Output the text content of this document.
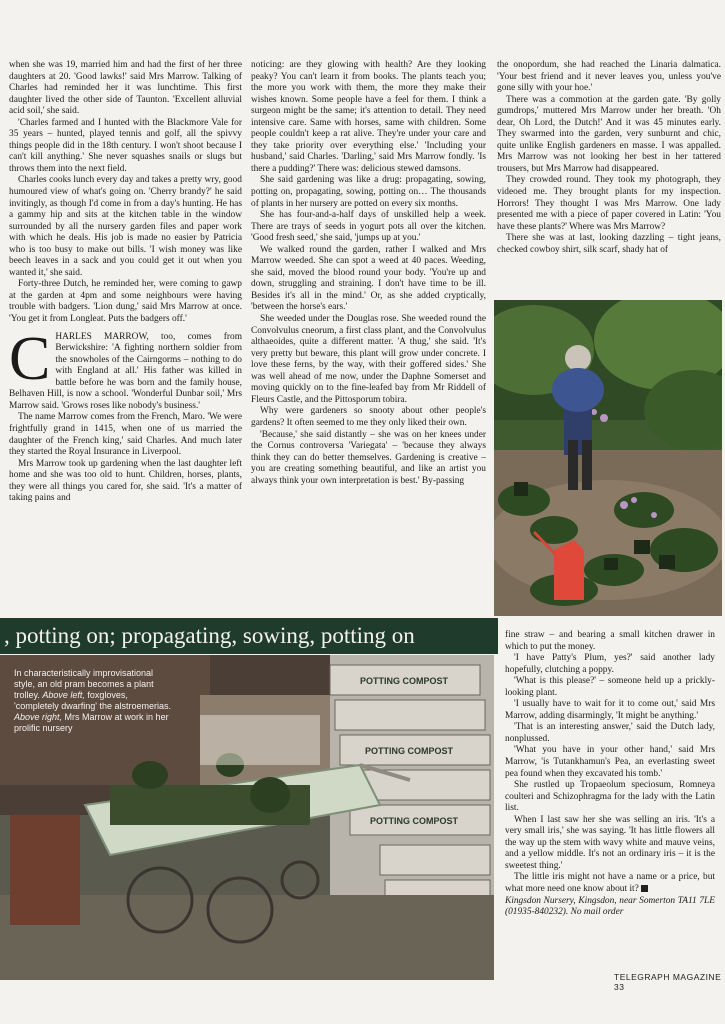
when she was 19, married him and had the first of her three daughters at 20. 'Good lawks!' said Mrs Marrow. Talking of Charles had reminded her it was lunchtime. This first daughter lived the other side of Taunton. 'Excellent alluvial acid soil,' she said.

'Charles farmed and I hunted with the Blackmore Vale for 35 years – hunted, played tennis and golf, all the spivvy things people did in the 18th century. I won't shoot because I can't kill anything.' She never squashes snails or slugs but throws them into the next field.

Charles cooks lunch every day and takes a pretty wry, good humoured view of what's going on. 'Cherry brandy?' he said invitingly, as though I'd come in from a day's hunting. He has a gammy hip and sits at the kitchen table in the window surrounded by all the nursery garden files and paper work with which he deals. His job is made no easier by Patricia who is too busy to make out bills. 'I wish money was like beech leaves in a sack and you could get it out when you wanted it,' she said.

Forty-three Dutch, he reminded her, were coming to gawp at the garden at 4pm and some neighbours were having trouble with badgers. 'Lion dung,' said Mrs Marrow at once. 'You get it from Longleat. Puts the badgers off.'

CHARLES MARROW, too, comes from Berwickshire: 'A fighting northern soldier from the snowholes of the Cairngorms – nothing to do with England at all.' His father was killed in battle before he was born and the family house, Belhaven Hill, is now a school. 'Wonderful Dunbar soil,' Mrs Marrow said. 'Grows roses like nobody's business.'

The name Marrow comes from the French, Maro. 'We were frightfully grand in 1415, when one of us married the daughter of the French king,' said Charles. And much later they started the Royal Insurance in Liverpool.

Mrs Marrow took up gardening when the last daughter left home and she was too old to hunt. Children, horses, plants, they were all things you cared for, she said. 'It's a matter of taking pains and

noticing: are they glowing with health? Are they looking peaky? You can't learn it from books. The plants teach you; the more you work with them, the more they make their wishes known. Some people have a feel for them. I think a surgeon might be the same; it's attention to detail. They need intensive care. Same with horses, same with children. Some people couldn't keep a rat alive. They're under your care and they take priority over everything else.' 'Including your husband,' said Charles. 'Darling,' said Mrs Marrow fondly. 'Is there a pudding?' There was: delicious stewed damsons.

She said gardening was like a drug: propagating, sowing, potting on, propagating, sowing, potting on… The thousands of plants in her nursery are potted on every six months.

She has four-and-a-half days of unskilled help a week. There are trays of seeds in yogurt pots all over the kitchen. 'Good fresh seed,' she said, 'jumps up at you.'

We walked round the garden, rather I walked and Mrs Marrow weeded. She can spot a weed at 40 paces. Weeding, she said, moved the blood round your body. 'You're up and down, struggling and straining. I don't have time to be ill. Besides it's all in the mind.' Or, as she added cryptically, 'between the horse's ears.'

She weeded under the Douglas rose. She weeded round the Convolvulus cneorum, a first class plant, and the Convolvulus althaeoides, quite a different matter. 'A thug,' she said. 'It's very pretty but beware, this plant will grow under concrete. I love these ferns, by the way, with their goffered sides.' She was well ahead of me now, under the Daphne Somerset and moving quickly on to the fine-leafed bay from Mr Riddell of Fleurs Castle, and the Pittosporum tobira.

Why were gardeners so snooty about other people's gardens? It often seemed to me they only liked their own.

'Because,' she said distantly – she was on her knees under the Cornus controversa 'Variegata' – 'because they always think they can do better themselves. Gardening is creative – you are creating something beautiful, and like an artist you always think your own interpretation is best.' By-passing

the onopordum, she had reached the Linaria dalmatica. 'Your best friend and it never leaves you, unless you've gone silly with your hoe.'

There was a commotion at the garden gate. 'By golly gumdrops,' muttered Mrs Marrow under her breath. 'Oh dear, Oh Lord, the Dutch!' And it was 45 minutes early. They swarmed into the garden, very sunburnt and chic, quite unlike English gardeners en masse. I was appalled. Mrs Marrow was not looking her best in her tattered trousers, but Mrs Marrow had disappeared.

They crowded round. They took my photograph, they videoed me. They brought plants for my inspection. Horrors! They thought I was Mrs Marrow. One lady presented me with a piece of paper covered in Latin: 'You have these plants?' Where was Mrs Marrow?

There she was at last, looking dazzling – tight jeans, checked cowboy shirt, silk scarf, shady hat of

, potting on; propagating, sowing, potting on
POTTING COMPOST
POTTING COMPOST
POTTING COMPOST
In characteristically improvisational style, an old pram becomes a plant trolley. Above left, foxgloves, 'completely dwarfing' the alstroemerias. Above right, Mrs Marrow at work in her prolific nursery

fine straw – and bearing a small kitchen drawer in which to put the money.

'I have Patty's Plum, yes?' said another lady hopefully, clutching a poppy.

'What is this please?' – someone held up a prickly-looking plant.

'I usually have to wait for it to come out,' said Mrs Marrow, adding disarmingly, 'It might be anything.'

'That is an interesting answer,' said the Dutch lady, nonplussed.

'What you have in your other hand,' said Mrs Marrow, 'is Tutankhamun's Pea, an everlasting sweet pea found when they excavated his tomb.'

She rustled up Tropaeolum speciosum, Romneya coulteri and Schizophragma for the lady with the Latin list.

When I last saw her she was selling an iris. 'It's a very small iris,' she was saying. 'It has little flowers all the way up the stem with wavy white and mauve veins, and a yellow middle. It's not an ordinary iris – it is the sweetest thing.'

The little iris might not have a name or a price, but what more need one know about it?

Kingsdon Nursery, Kingsdon, near Somerton TA11 7LE (01935-840232). No mail order

TELEGRAPH MAGAZINE 33
